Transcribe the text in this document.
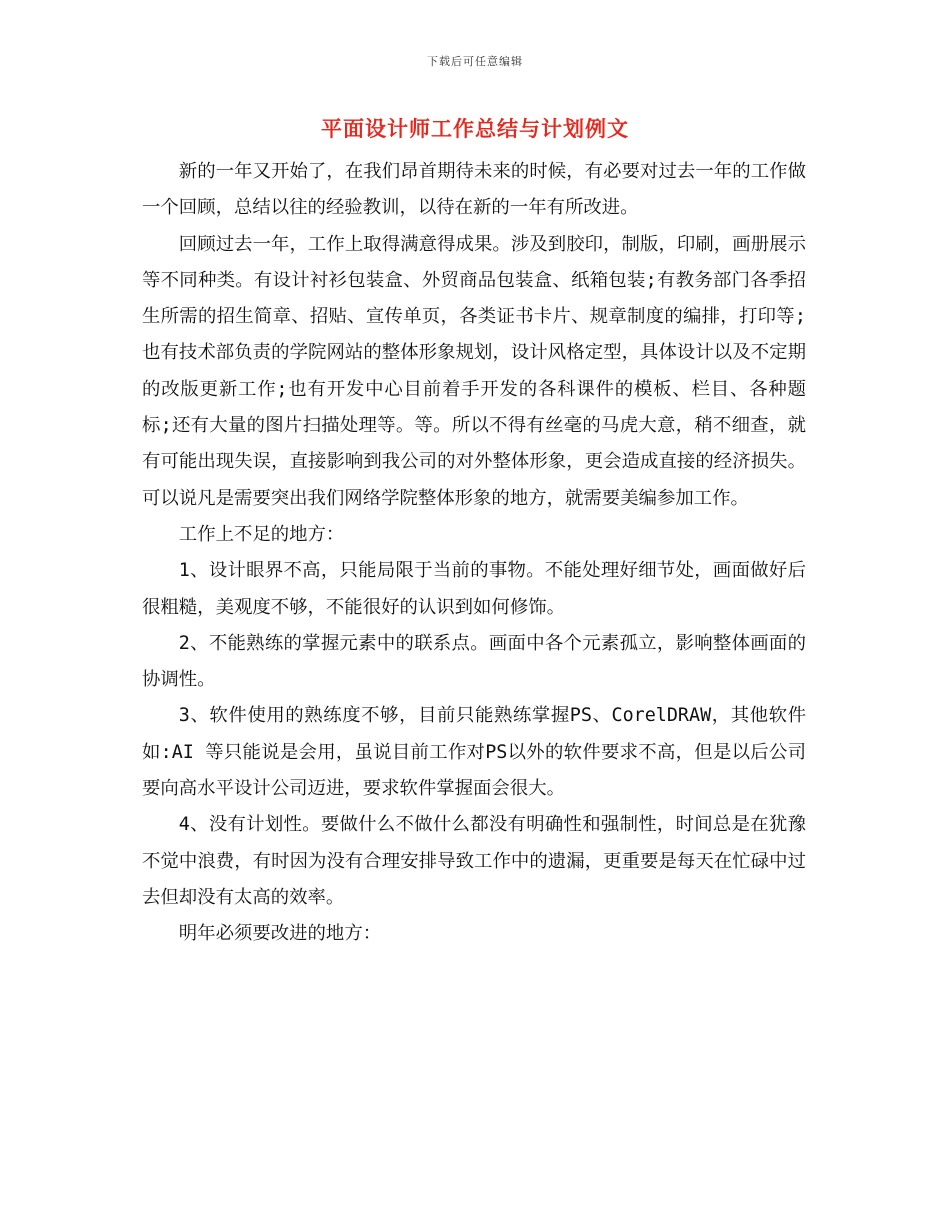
下载后可任意编辑
平面设计师工作总结与计划例文

新的一年又开始了，在我们昂首期待未来的时候，有必要对过去一年的工作做一个回顾，总结以往的经验教训，以待在新的一年有所改进。

回顾过去一年，工作上取得满意得成果。涉及到胶印，制版，印刷，画册展示等不同种类。有设计衬衫包装盒、外贸商品包装盒、纸箱包装;有教务部门各季招生所需的招生简章、招贴、宣传单页，各类证书卡片、规章制度的编排，打印等;也有技术部负责的学院网站的整体形象规划，设计风格定型，具体设计以及不定期的改版更新工作;也有开发中心目前着手开发的各科课件的模板、栏目、各种题标;还有大量的图片扫描处理等。等。所以不得有丝毫的马虎大意，稍不细查，就有可能出现失误，直接影响到我公司的对外整体形象，更会造成直接的经济损失。可以说凡是需要突出我们网络学院整体形象的地方，就需要美编参加工作。

工作上不足的地方：

1、设计眼界不高，只能局限于当前的事物。不能处理好细节处，画面做好后很粗糙，美观度不够，不能很好的认识到如何修饰。

2、不能熟练的掌握元素中的联系点。画面中各个元素孤立，影响整体画面的协调性。

3、软件使用的熟练度不够，目前只能熟练掌握PS、CorelDRAW，其他软件如:AI 等只能说是会用，虽说目前工作对PS以外的软件要求不高，但是以后公司要向高水平设计公司迈进，要求软件掌握面会很大。

4、没有计划性。要做什么不做什么都没有明确性和强制性，时间总是在犹豫不觉中浪费，有时因为没有合理安排导致工作中的遗漏，更重要是每天在忙碌中过去但却没有太高的效率。

明年必须要改进的地方：
